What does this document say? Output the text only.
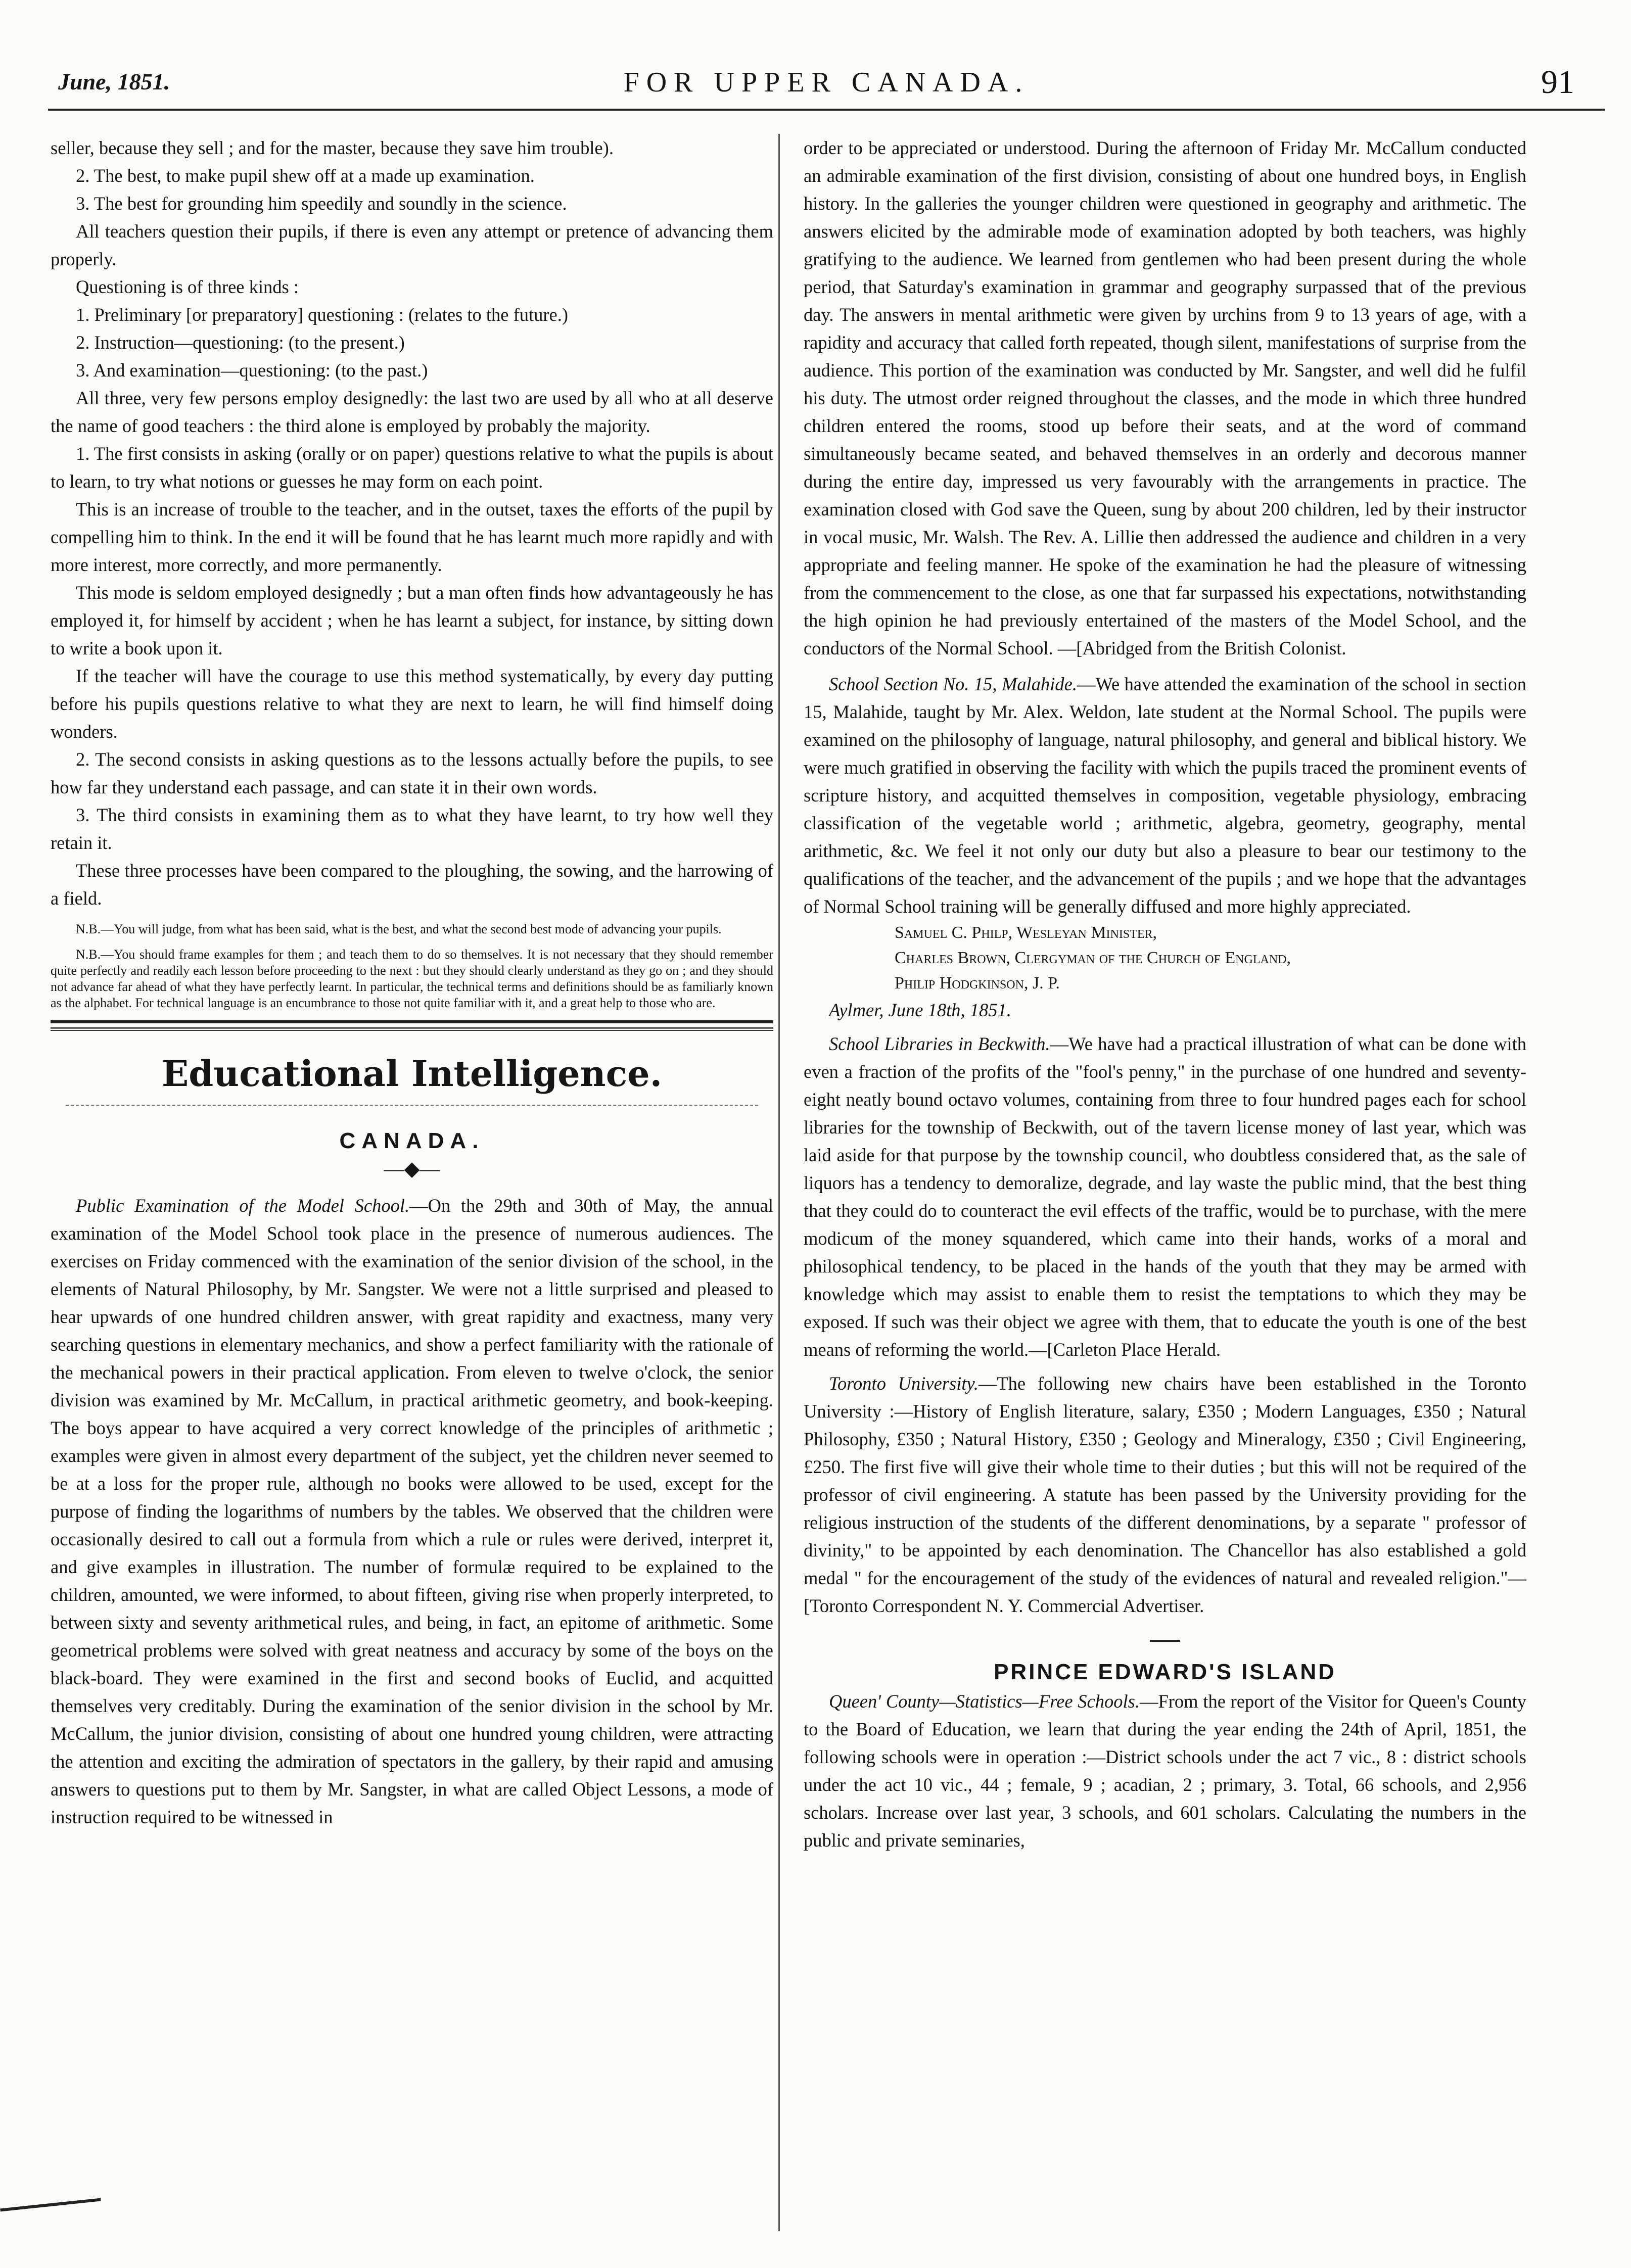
June, 1851.	FOR UPPER CANADA.	91

seller, because they sell ; and for the master, because they save him trouble).

2. The best, to make pupil shew off at a made up examination.

3. The best for grounding him speedily and soundly in the science.

All teachers question their pupils, if there is even any attempt or pretence of advancing them properly.

Questioning is of three kinds :

1. Preliminary [or preparatory] questioning : (relates to the future.)

2. Instruction—questioning: (to the present.)

3. And examination—questioning: (to the past.)

All three, very few persons employ designedly: the last two are used by all who at all deserve the name of good teachers : the third alone is employed by probably the majority.

1. The first consists in asking (orally or on paper) questions relative to what the pupils is about to learn, to try what notions or guesses he may form on each point.

This is an increase of trouble to the teacher, and in the outset, taxes the efforts of the pupil by compelling him to think. In the end it will be found that he has learnt much more rapidly and with more interest, more correctly, and more permanently.

This mode is seldom employed designedly ; but a man often finds how advantageously he has employed it, for himself by accident ; when he has learnt a subject, for instance, by sitting down to write a book upon it.

If the teacher will have the courage to use this method systematically, by every day putting before his pupils questions relative to what they are next to learn, he will find himself doing wonders.

2. The second consists in asking questions as to the lessons actually before the pupils, to see how far they understand each passage, and can state it in their own words.

3. The third consists in examining them as to what they have learnt, to try how well they retain it.

These three processes have been compared to the ploughing, the sowing, and the harrowing of a field.

N.B.—You will judge, from what has been said, what is the best, and what the second best mode of advancing your pupils.

N.B.—You should frame examples for them ; and teach them to do so themselves. It is not necessary that they should remember quite perfectly and readily each lesson before proceeding to the next : but they should clearly understand as they go on ; and they should not advance far ahead of what they have perfectly learnt. In particular, the technical terms and definitions should be as familiarly known as the alphabet. For technical language is an encumbrance to those not quite familiar with it, and a great help to those who are.

Educational Intelligence.
CANADA.
—◆—

Public Examination of the Model School.—On the 29th and 30th of May, the annual examination of the Model School took place in the presence of numerous audiences. The exercises on Friday commenced with the examination of the senior division of the school, in the elements of Natural Philosophy, by Mr. Sangster. We were not a little surprised and pleased to hear upwards of one hundred children answer, with great rapidity and exactness, many very searching questions in elementary mechanics, and show a perfect familiarity with the rationale of the mechanical powers in their practical application. From eleven to twelve o'clock, the senior division was examined by Mr. McCallum, in practical arithmetic geometry, and book-keeping. The boys appear to have acquired a very correct knowledge of the principles of arithmetic ; examples were given in almost every department of the subject, yet the children never seemed to be at a loss for the proper rule, although no books were allowed to be used, except for the purpose of finding the logarithms of numbers by the tables. We observed that the children were occasionally desired to call out a formula from which a rule or rules were derived, interpret it, and give examples in illustration. The number of formulæ required to be explained to the children, amounted, we were informed, to about fifteen, giving rise when properly interpreted, to between sixty and seventy arithmetical rules, and being, in fact, an epitome of arithmetic. Some geometrical problems were solved with great neatness and accuracy by some of the boys on the black-board. They were examined in the first and second books of Euclid, and acquitted themselves very creditably. During the examination of the senior division in the school by Mr. McCallum, the junior division, consisting of about one hundred young children, were attracting the attention and exciting the admiration of spectators in the gallery, by their rapid and amusing answers to questions put to them by Mr. Sangster, in what are called Object Lessons, a mode of instruction required to be witnessed in

order to be appreciated or understood. During the afternoon of Friday Mr. McCallum conducted an admirable examination of the first division, consisting of about one hundred boys, in English history. In the galleries the younger children were questioned in geography and arithmetic. The answers elicited by the admirable mode of examination adopted by both teachers, was highly gratifying to the audience. We learned from gentlemen who had been present during the whole period, that Saturday's examination in grammar and geography surpassed that of the previous day. The answers in mental arithmetic were given by urchins from 9 to 13 years of age, with a rapidity and accuracy that called forth repeated, though silent, manifestations of surprise from the audience. This portion of the examination was conducted by Mr. Sangster, and well did he fulfil his duty. The utmost order reigned throughout the classes, and the mode in which three hundred children entered the rooms, stood up before their seats, and at the word of command simultaneously became seated, and behaved themselves in an orderly and decorous manner during the entire day, impressed us very favourably with the arrangements in practice. The examination closed with God save the Queen, sung by about 200 children, led by their instructor in vocal music, Mr. Walsh. The Rev. A. Lillie then addressed the audience and children in a very appropriate and feeling manner. He spoke of the examination he had the pleasure of witnessing from the commencement to the close, as one that far surpassed his expectations, notwithstanding the high opinion he had previously entertained of the masters of the Model School, and the conductors of the Normal School. —[Abridged from the British Colonist.

School Section No. 15, Malahide.—We have attended the examination of the school in section 15, Malahide, taught by Mr. Alex. Weldon, late student at the Normal School. The pupils were examined on the philosophy of language, natural philosophy, and general and biblical history. We were much gratified in observing the facility with which the pupils traced the prominent events of scripture history, and acquitted themselves in composition, vegetable physiology, embracing classification of the vegetable world ; arithmetic, algebra, geometry, geography, mental arithmetic, &c. We feel it not only our duty but also a pleasure to bear our testimony to the qualifications of the teacher, and the advancement of the pupils ; and we hope that the advantages of Normal School training will be generally diffused and more highly appreciated.

Samuel C. Philp, Wesleyan Minister,

Charles Brown, Clergyman of the Church of England,

Philip Hodgkinson, J. P.

Aylmer, June 18th, 1851.

School Libraries in Beckwith.—We have had a practical illustration of what can be done with even a fraction of the profits of the "fool's penny," in the purchase of one hundred and seventy-eight neatly bound octavo volumes, containing from three to four hundred pages each for school libraries for the township of Beckwith, out of the tavern license money of last year, which was laid aside for that purpose by the township council, who doubtless considered that, as the sale of liquors has a tendency to demoralize, degrade, and lay waste the public mind, that the best thing that they could do to counteract the evil effects of the traffic, would be to purchase, with the mere modicum of the money squandered, which came into their hands, works of a moral and philosophical tendency, to be placed in the hands of the youth that they may be armed with knowledge which may assist to enable them to resist the temptations to which they may be exposed. If such was their object we agree with them, that to educate the youth is one of the best means of reforming the world.—[Carleton Place Herald.

Toronto University.—The following new chairs have been established in the Toronto University :—History of English literature, salary, £350 ; Modern Languages, £350 ; Natural Philosophy, £350 ; Natural History, £350 ; Geology and Mineralogy, £350 ; Civil Engineering, £250. The first five will give their whole time to their duties ; but this will not be required of the professor of civil engineering. A statute has been passed by the University providing for the religious instruction of the students of the different denominations, by a separate " professor of divinity," to be appointed by each denomination. The Chancellor has also established a gold medal " for the encouragement of the study of the evidences of natural and revealed religion."—[Toronto Correspondent N. Y. Commercial Advertiser.

PRINCE EDWARD'S ISLAND

Queen' County—Statistics—Free Schools.—From the report of the Visitor for Queen's County to the Board of Education, we learn that during the year ending the 24th of April, 1851, the following schools were in operation :—District schools under the act 7 vic., 8 : district schools under the act 10 vic., 44 ; female, 9 ; acadian, 2 ; primary, 3. Total, 66 schools, and 2,956 scholars. Increase over last year, 3 schools, and 601 scholars. Calculating the numbers in the public and private seminaries,
